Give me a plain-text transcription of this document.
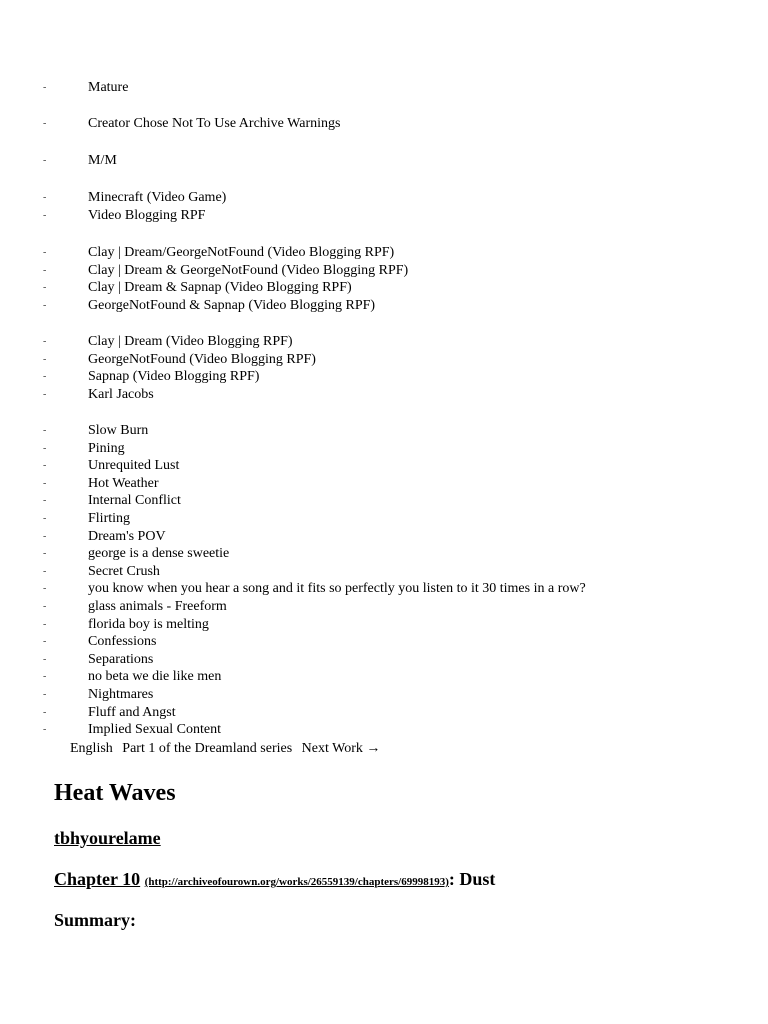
-	Mature
-	Creator Chose Not To Use Archive Warnings
-	M/M
-	Minecraft (Video Game)
-	Video Blogging RPF
-	Clay | Dream/GeorgeNotFound (Video Blogging RPF)
-	Clay | Dream & GeorgeNotFound (Video Blogging RPF)
-	Clay | Dream & Sapnap (Video Blogging RPF)
-	GeorgeNotFound & Sapnap (Video Blogging RPF)
-	Clay | Dream (Video Blogging RPF)
-	GeorgeNotFound (Video Blogging RPF)
-	Sapnap (Video Blogging RPF)
-	Karl Jacobs
-	Slow Burn
-	Pining
-	Unrequited Lust
-	Hot Weather
-	Internal Conflict
-	Flirting
-	Dream's POV
-	george is a dense sweetie
-	Secret Crush
-	you know when you hear a song and it fits so perfectly you listen to it 30 times in a row?
-	glass animals - Freeform
-	florida boy is melting
-	Confessions
-	Separations
-	no beta we die like men
-	Nightmares
-	Fluff and Angst
-	Implied Sexual Content
English Part 1 of the Dreamland series Next Work →
Heat Waves
tbhyourelame
Chapter 10 (http://archiveofourown.org/works/26559139/chapters/69998193): Dust
Summary:
